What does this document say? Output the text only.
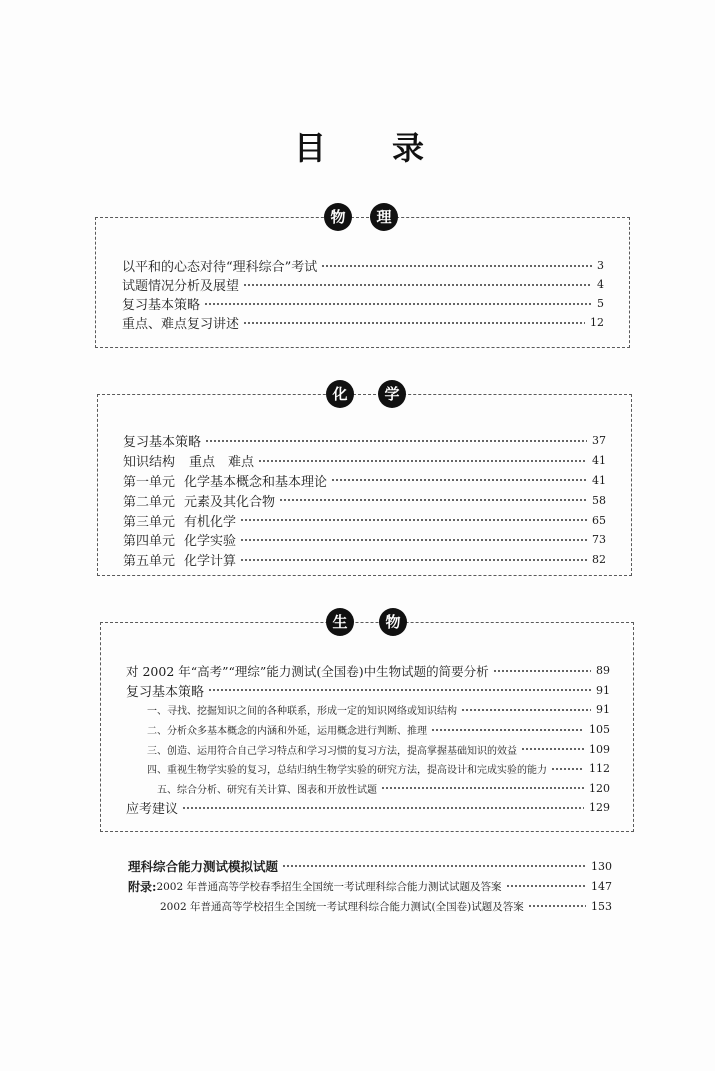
目 录
物	理
以平和的心态对待“理科综合”考试	3
试题情况分析及展望	4
复习基本策略	5
重点、难点复习讲述	12
化	学
复习基本策略	37
知识结构 重点　难点	41
第一单元 化学基本概念和基本理论	41
第二单元 元素及其化合物	58
第三单元 有机化学	65
第四单元 化学实验	73
第五单元 化学计算	82
生	物
对 2002 年“高考”“理综”能力测试(全国卷)中生物试题的简要分析	89
复习基本策略	91
一、寻找、挖掘知识之间的各种联系，形成一定的知识网络或知识结构	91
二、分析众多基本概念的内涵和外延，运用概念进行判断、推理	105
三、创造、运用符合自己学习特点和学习习惯的复习方法，提高掌握基础知识的效益	109
四、重视生物学实验的复习，总结归纳生物学实验的研究方法，提高设计和完成实验的能力	112
五、综合分析、研究有关计算、图表和开放性试题	120
应考建议	129
理科综合能力测试模拟试题	130
附录: 2002 年普通高等学校春季招生全国统一考试理科综合能力测试试题及答案	147
2002 年普通高等学校招生全国统一考试理科综合能力测试(全国卷)试题及答案	153
